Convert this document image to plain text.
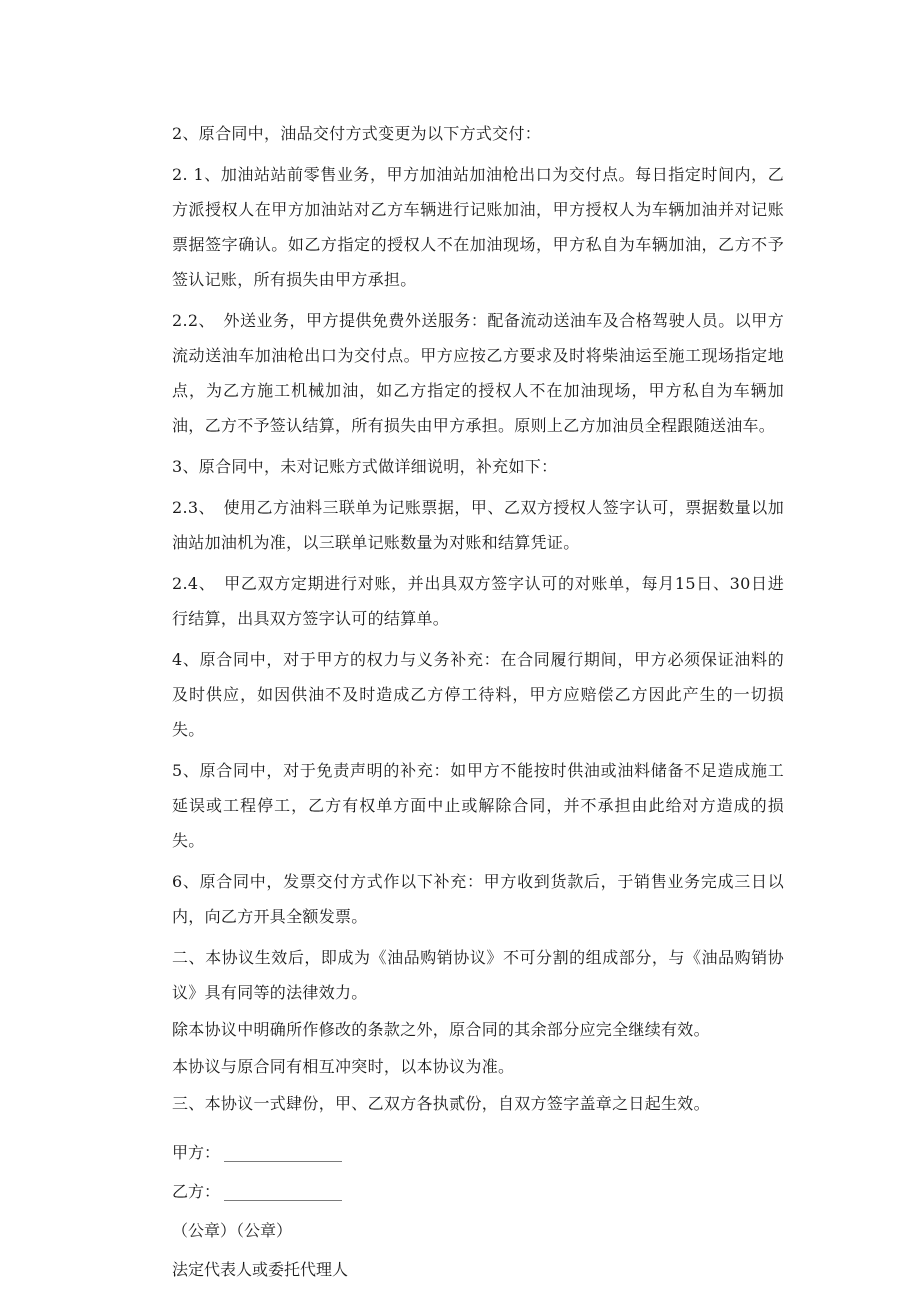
2、原合同中，油品交付方式变更为以下方式交付：

2. 1、加油站站前零售业务，甲方加油站加油枪出口为交付点。每日指定时间内，乙方派授权人在甲方加油站对乙方车辆进行记账加油，甲方授权人为车辆加油并对记账票据签字确认。如乙方指定的授权人不在加油现场，甲方私自为车辆加油，乙方不予签认记账，所有损失由甲方承担。

2.2、　外送业务，甲方提供免费外送服务：配备流动送油车及合格驾驶人员。以甲方流动送油车加油枪出口为交付点。甲方应按乙方要求及时将柴油运至施工现场指定地点，为乙方施工机械加油，如乙方指定的授权人不在加油现场，甲方私自为车辆加油，乙方不予签认结算，所有损失由甲方承担。原则上乙方加油员全程跟随送油车。

3、原合同中，未对记账方式做详细说明，补充如下：

2.3、　使用乙方油料三联单为记账票据，甲、乙双方授权人签字认可，票据数量以加油站加油机为准，以三联单记账数量为对账和结算凭证。

2.4、　甲乙双方定期进行对账，并出具双方签字认可的对账单，每月15日、30日进行结算，出具双方签字认可的结算单。

4、原合同中，对于甲方的权力与义务补充：在合同履行期间，甲方必须保证油料的及时供应，如因供油不及时造成乙方停工待料，甲方应赔偿乙方因此产生的一切损失。

5、原合同中，对于免责声明的补充：如甲方不能按时供油或油料储备不足造成施工延误或工程停工，乙方有权单方面中止或解除合同，并不承担由此给对方造成的损失。

6、原合同中，发票交付方式作以下补充：甲方收到货款后，于销售业务完成三日以内，向乙方开具全额发票。

二、本协议生效后，即成为《油品购销协议》不可分割的组成部分，与《油品购销协议》具有同等的法律效力。

除本协议中明确所作修改的条款之外，原合同的其余部分应完全继续有效。

本协议与原合同有相互冲突时，以本协议为准。

三、本协议一式肆份，甲、乙双方各执贰份，自双方签字盖章之日起生效。

甲方：
乙方：
（公章）（公章）
法定代表人或委托代理人
